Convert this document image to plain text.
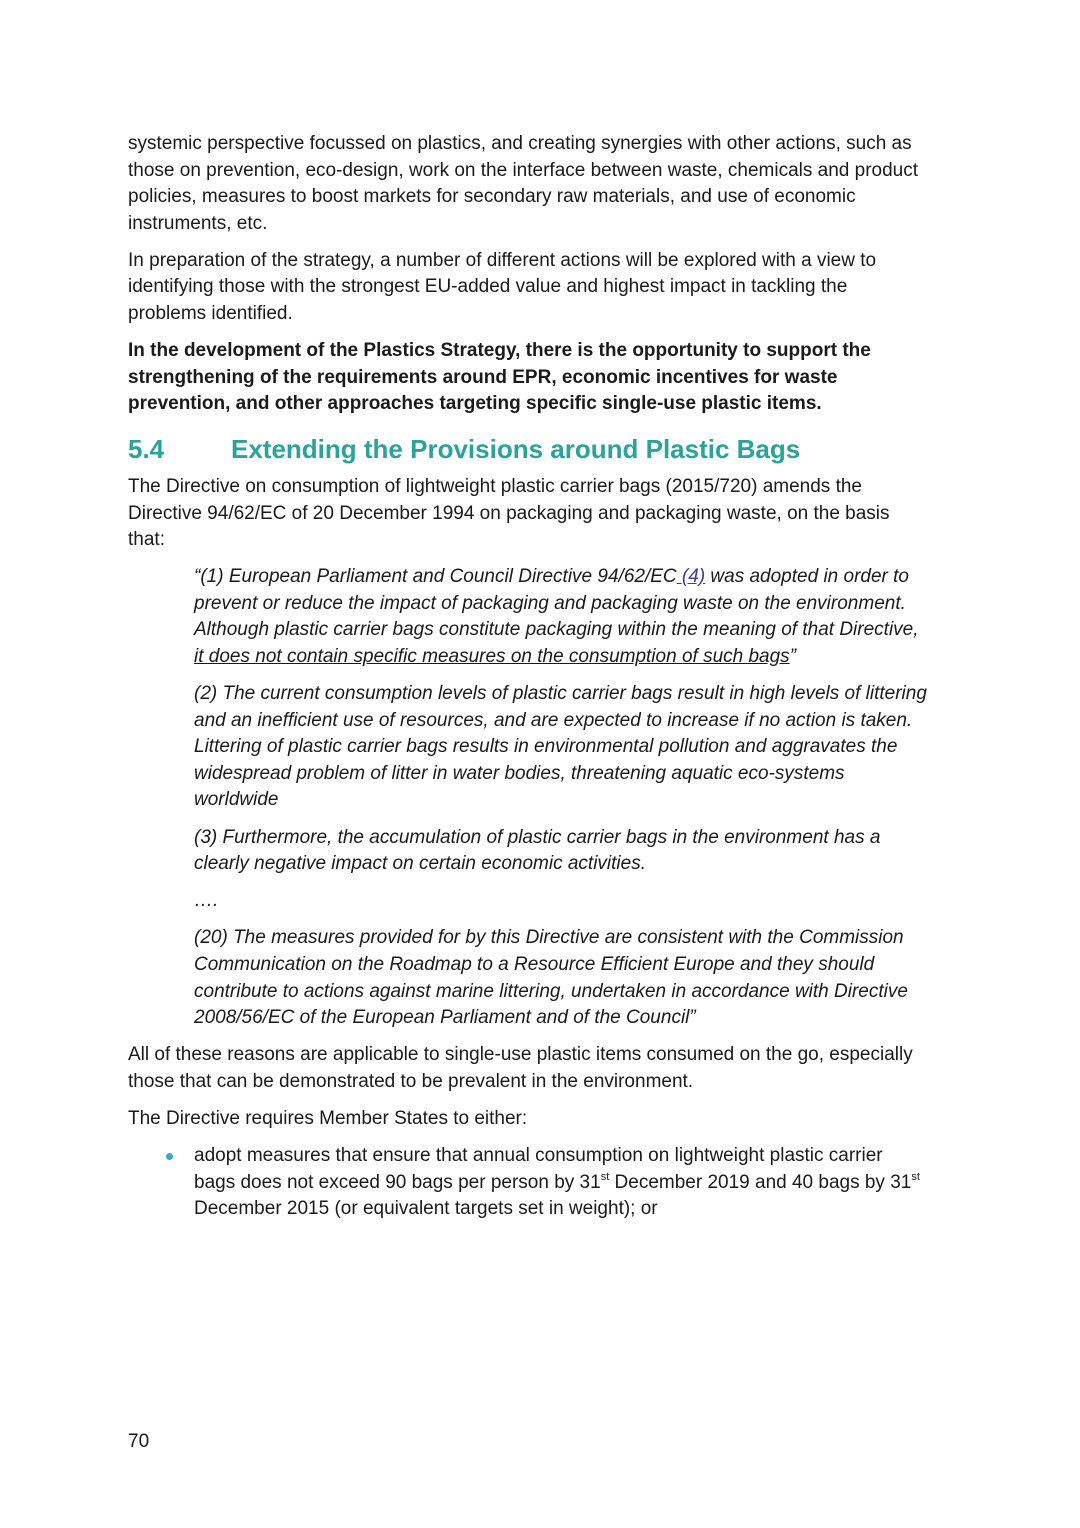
systemic perspective focussed on plastics, and creating synergies with other actions, such as those on prevention, eco-design, work on the interface between waste, chemicals and product policies, measures to boost markets for secondary raw materials, and use of economic instruments, etc.

In preparation of the strategy, a number of different actions will be explored with a view to identifying those with the strongest EU-added value and highest impact in tackling the problems identified.

In the development of the Plastics Strategy, there is the opportunity to support the strengthening of the requirements around EPR, economic incentives for waste prevention, and other approaches targeting specific single-use plastic items.

5.4	Extending the Provisions around Plastic Bags

The Directive on consumption of lightweight plastic carrier bags (2015/720) amends the Directive 94/62/EC of 20 December 1994 on packaging and packaging waste, on the basis that:

“(1) European Parliament and Council Directive 94/62/EC (4) was adopted in order to prevent or reduce the impact of packaging and packaging waste on the environment. Although plastic carrier bags constitute packaging within the meaning of that Directive, it does not contain specific measures on the consumption of such bags”

(2) The current consumption levels of plastic carrier bags result in high levels of littering and an inefficient use of resources, and are expected to increase if no action is taken. Littering of plastic carrier bags results in environmental pollution and aggravates the widespread problem of litter in water bodies, threatening aquatic eco-systems worldwide

(3) Furthermore, the accumulation of plastic carrier bags in the environment has a clearly negative impact on certain economic activities.

….

(20) The measures provided for by this Directive are consistent with the Commission Communication on the Roadmap to a Resource Efficient Europe and they should contribute to actions against marine littering, undertaken in accordance with Directive 2008/56/EC of the European Parliament and of the Council”

All of these reasons are applicable to single-use plastic items consumed on the go, especially those that can be demonstrated to be prevalent in the environment.

The Directive requires Member States to either:

adopt measures that ensure that annual consumption on lightweight plastic carrier bags does not exceed 90 bags per person by 31st December 2019 and 40 bags by 31st December 2015 (or equivalent targets set in weight); or
70
